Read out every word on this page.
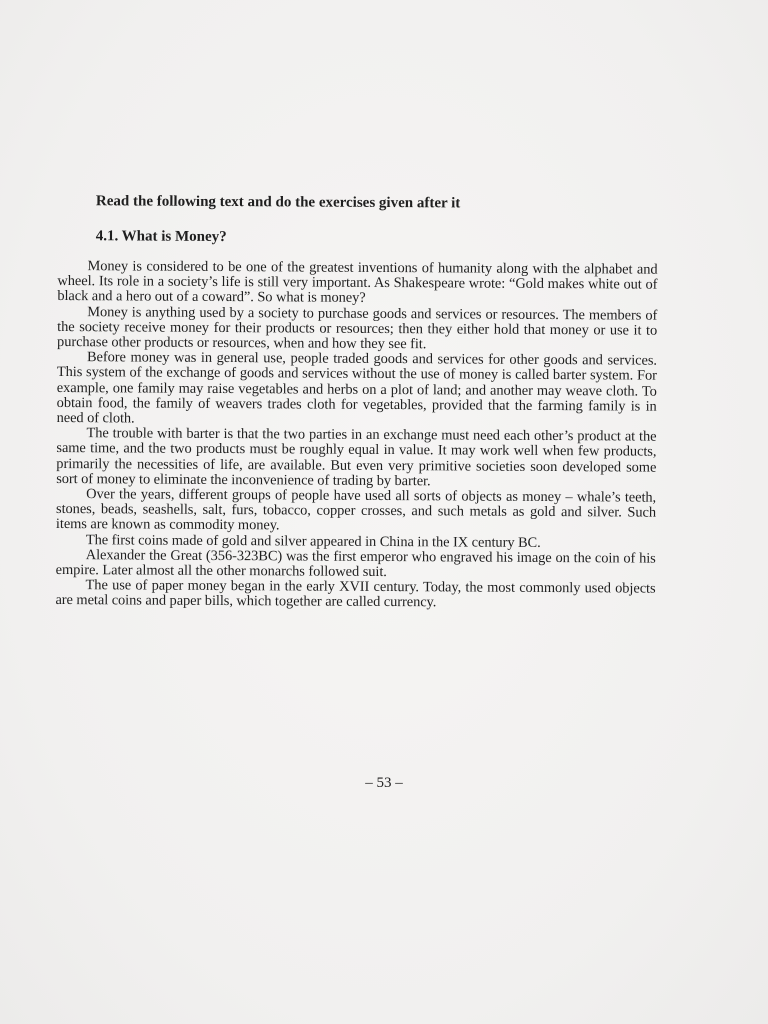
Read the following text and do the exercises given after it
4.1. What is Money?

Money is considered to be one of the greatest inventions of humanity along with the alphabet and wheel. Its role in a society’s life is still very important. As Shakespeare wrote: “Gold makes white out of black and a hero out of a coward”. So what is money?

Money is anything used by a society to purchase goods and services or resources. The members of the society receive money for their products or resources; then they either hold that money or use it to purchase other products or resources, when and how they see fit.

Before money was in general use, people traded goods and services for other goods and services. This system of the exchange of goods and services without the use of money is called barter system. For example, one family may raise vegetables and herbs on a plot of land; and another may weave cloth. To obtain food, the family of weavers trades cloth for vegetables, provided that the farming family is in need of cloth.

The trouble with barter is that the two parties in an exchange must need each other’s product at the same time, and the two products must be roughly equal in value. It may work well when few products, primarily the necessities of life, are available. But even very primitive societies soon developed some sort of money to eliminate the inconvenience of trading by barter.

Over the years, different groups of people have used all sorts of objects as money – whale’s teeth, stones, beads, seashells, salt, furs, tobacco, copper crosses, and such metals as gold and silver. Such items are known as commodity money.

The first coins made of gold and silver appeared in China in the IX century BC.

Alexander the Great (356-323BC) was the first emperor who engraved his image on the coin of his empire. Later almost all the other monarchs followed suit.

The use of paper money began in the early XVII century. Today, the most commonly used objects are metal coins and paper bills, which together are called currency.

– 53 –
